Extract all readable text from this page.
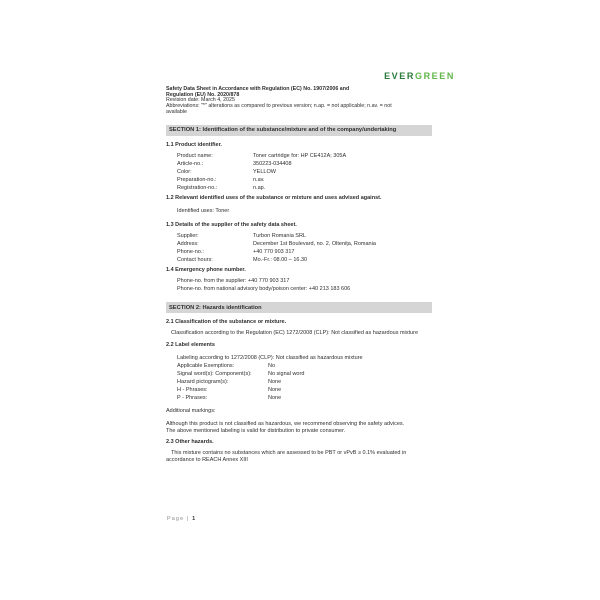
EVERGREEN
Safety Data Sheet in Accordance with Regulation (EC) No. 1907/2006 and Regulation (EU) No. 2020/878
Revision date: March 4, 2025
Abbreviations: "*" alterations as compared to previous version; n.ap. = not applicable; n.av. = not available
SECTION 1: Identification of the substance/mixture and of the company/undertaking
1.1 Product identifier.
Product name:	Toner cartridge for: HP CE412A; 305A
Article-no.:	350223-034408
Color:	YELLOW
Preparation-no.:	n.av.
Registration-no.:	n.ap.
1.2 Relevant identified uses of the substance or mixture and uses advised against.
Identified uses: Toner
1.3 Details of the supplier of the safety data sheet.
Supplier:	Turbon Romania SRL
Address:	December 1st Boulevard, no. 2, Oltenița, Romania
Phone-no.:	+40 770 903 317
Contact hours:	Mo.-Fr.: 08.00 – 16.30
1.4 Emergency phone number.
Phone-no. from the supplier: +40 770 903 317
Phone-no. from national advisory body/poison center: +40 213 183 606
SECTION 2: Hazards identification
2.1 Classification of the substance or mixture.
Classification according to the Regulation (EC) 1272/2008 (CLP): Not classified as hazardous mixture
2.2 Label elements
Labeling according to 1272/2008 (CLP): Not classified as hazardous mixture
Applicable Exemptions:	No
Signal word(s): Component(s):	No signal word
Hazard pictogram(s):	None
H - Phrases:	None
P - Phrases:	None
Additional markings:
Although this product is not classified as hazardous, we recommend observing the safety advices.
The above mentioned labeling is valid for distribution to private consumer.
2.3 Other hazards.
This mixture contains no substances which are assessed to be PBT or vPvB ≥ 0.1% evaluated in accordance to REACH Annex XIII
Page | 1
